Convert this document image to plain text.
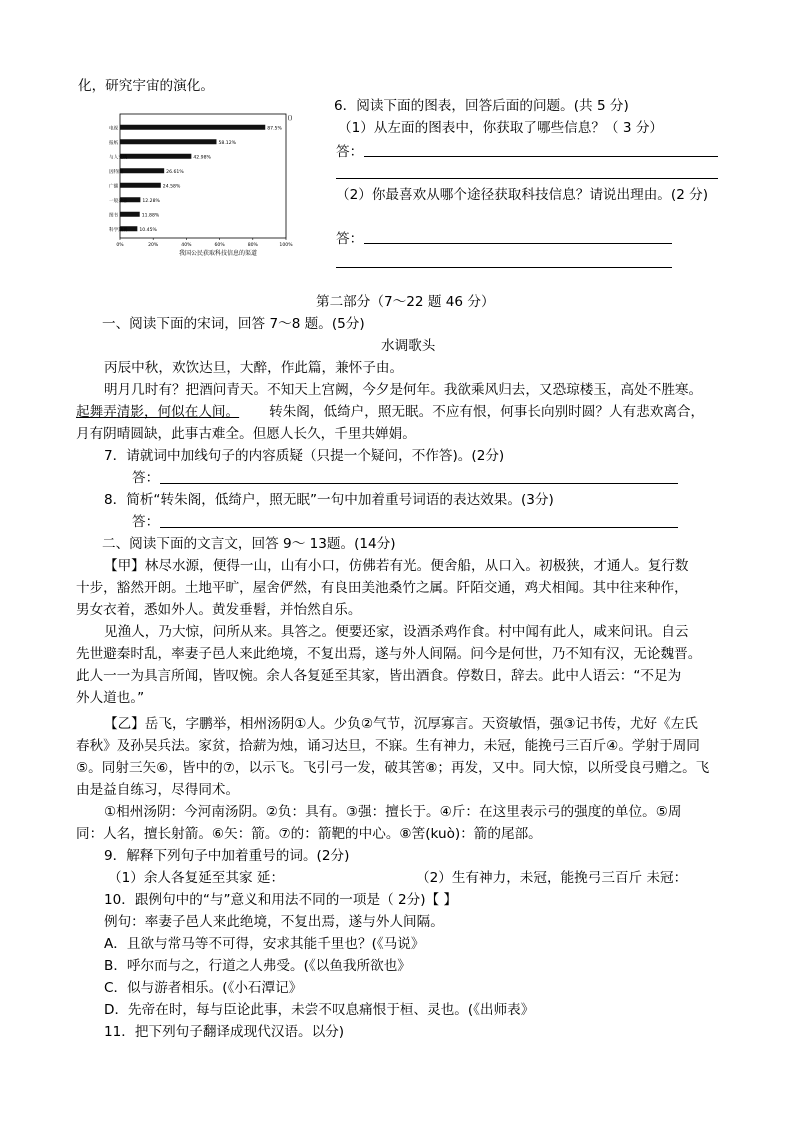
化，研究宇宙的演化。
电视
报纸
与人交谈
因特网
广播
一般杂志
图书
科学期刊
87.5%
58.12%
42.98%
26.61%
24.58%
12.28%
11.88%
10.45%
0%	20%	40%	60%	80%	100%
我国公民获取科技信息的渠道
()
6．阅读下面的图表，回答后面的问题。(共 5 分)
（1）从左面的图表中，你获取了哪些信息？（ 3 分）
答：
（2）你最喜欢从哪个途径获取科技信息？请说出理由。(2 分)
答：
第二部分（7～22 题 46 分）
一、阅读下面的宋词，回答 7～8 题。(5分)
水调歌头
丙辰中秋，欢饮达旦，大醉，作此篇，兼怀子由。
明月几时有？把酒问青天。不知天上宫阙，今夕是何年。我欲乘风归去，又恐琼楼玉，高处不胜寒。
起舞弄清影，何似在人间。 转朱阁，低绮户，照无眠。不应有恨，何事长向别时圆？人有悲欢离合，
月有阴晴圆缺，此事古难全。但愿人长久，千里共婵娟。
7．请就词中加线句子的内容质疑（只提一个疑问，不作答)。(2分)
答：
8．简析“转朱阁，低绮户，照无眠”一句中加着重号词语的表达效果。(3分)
答：
二、阅读下面的文言文，回答 9～ 13题。(14分)
【甲】林尽水源，便得一山，山有小口，仿佛若有光。便舍船，从口入。初极狭，才通人。复行数
十步，豁然开朗。土地平旷，屋舍俨然，有良田美池桑竹之属。阡陌交通，鸡犬相闻。其中往来种作，
男女衣着，悉如外人。黄发垂髫，并怡然自乐。
见渔人，乃大惊，问所从来。具答之。便要还家，设酒杀鸡作食。村中闻有此人，咸来问讯。自云
先世避秦时乱，率妻子邑人来此绝境，不复出焉，遂与外人间隔。问今是何世，乃不知有汉，无论魏晋。
此人一一为具言所闻，皆叹惋。余人各复延至其家，皆出酒食。停数日，辞去。此中人语云：“不足为
外人道也。”
【乙】岳飞，字鹏举，相州汤阴①人。少负②气节，沉厚寡言。天资敏悟，强③记书传，尤好《左氏
春秋》及孙吴兵法。家贫，拾薪为烛，诵习达旦，不寐。生有神力，未冠，能挽弓三百斤④。学射于周同
⑤。同射三矢⑥，皆中的⑦，以示飞。飞引弓一发，破其筈⑧；再发，又中。同大惊，以所受良弓赠之。飞
由是益自练习，尽得同术。
①相州汤阴：今河南汤阴。②负：具有。③强：擅长于。④斤：在这里表示弓的强度的单位。⑤周
同：人名，擅长射箭。⑥矢：箭。⑦的：箭靶的中心。⑧筈(kuò)：箭的尾部。
9．解释下列句子中加着重号的词。(2分)
（1）余人各复延至其家 延：	（2）生有神力，未冠，能挽弓三百斤 未冠：
10．跟例句中的“与”意义和用法不同的一项是（ 2分)【 】
例句：率妻子邑人来此绝境，不复出焉，遂与外人间隔。
A．且欲与常马等不可得，安求其能千里也？(《马说》
B．呼尔而与之，行道之人弗受。(《以鱼我所欲也》
C．似与游者相乐。(《小石潭记》
D．先帝在时，每与臣论此事，未尝不叹息痛恨于桓、灵也。(《出师表》
11．把下列句子翻译成现代汉语。以分)
